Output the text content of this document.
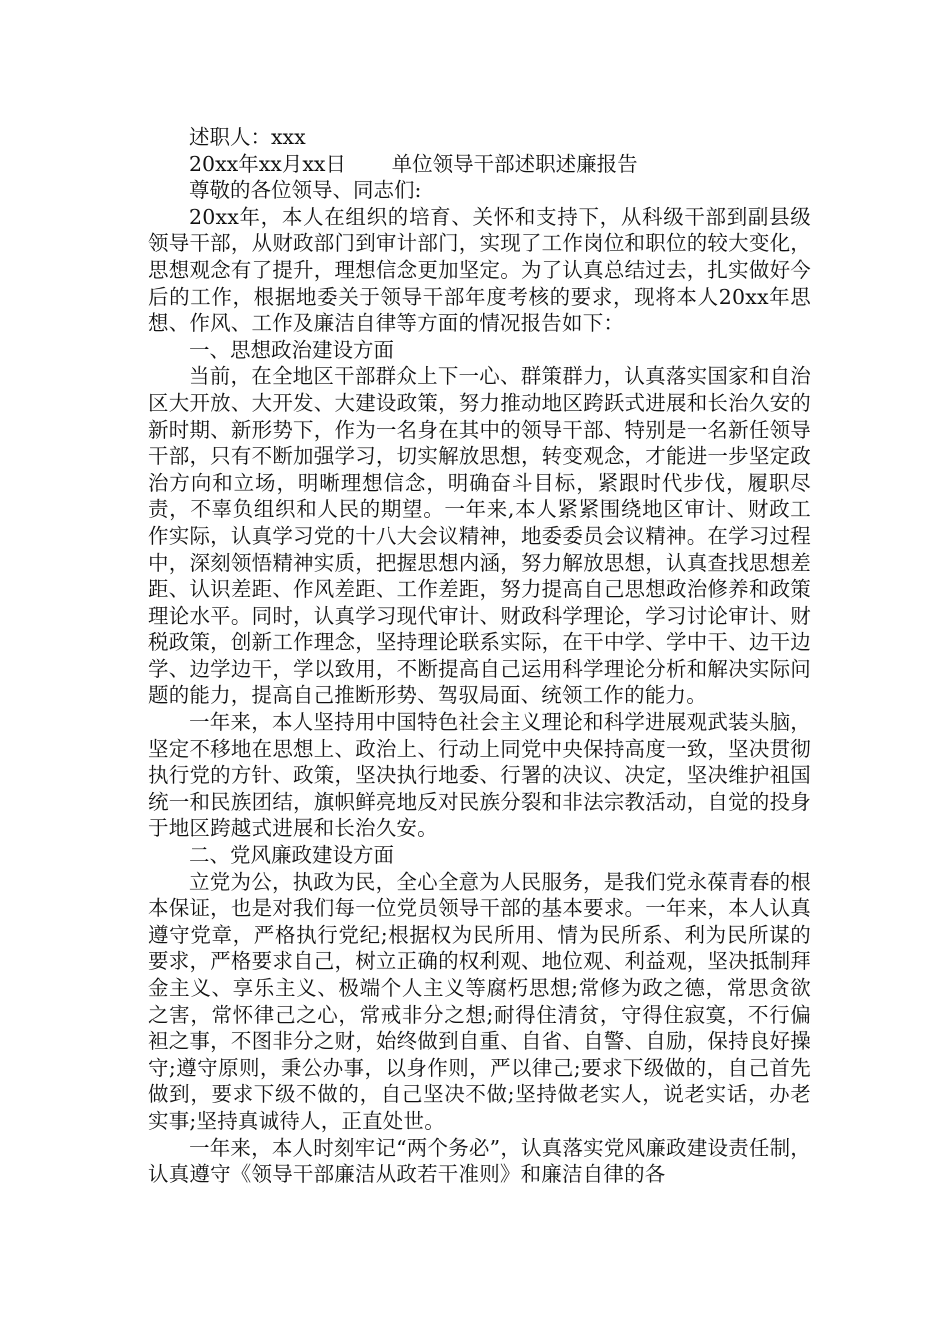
述职人：xxx

20xx年xx月xx日       单位领导干部述职述廉报告

尊敬的各位领导、同志们:

20xx年，本人在组织的培育、关怀和支持下，从科级干部到副县级领导干部，从财政部门到审计部门，实现了工作岗位和职位的较大变化，思想观念有了提升，理想信念更加坚定。为了认真总结过去，扎实做好今后的工作，根据地委关于领导干部年度考核的要求，现将本人20xx年思想、作风、工作及廉洁自律等方面的情况报告如下：

一、思想政治建设方面

当前，在全地区干部群众上下一心、群策群力，认真落实国家和自治区大开放、大开发、大建设政策，努力推动地区跨跃式进展和长治久安的新时期、新形势下，作为一名身在其中的领导干部、特别是一名新任领导干部，只有不断加强学习，切实解放思想，转变观念，才能进一步坚定政治方向和立场，明晰理想信念，明确奋斗目标，紧跟时代步伐，履职尽责，不辜负组织和人民的期望。一年来,本人紧紧围绕地区审计、财政工作实际，认真学习党的十八大会议精神，地委委员会议精神。在学习过程中，深刻领悟精神实质，把握思想内涵，努力解放思想，认真查找思想差距、认识差距、作风差距、工作差距，努力提高自己思想政治修养和政策理论水平。同时，认真学习现代审计、财政科学理论，学习讨论审计、财税政策，创新工作理念，坚持理论联系实际，在干中学、学中干、边干边学、边学边干，学以致用，不断提高自己运用科学理论分析和解决实际问题的能力，提高自己推断形势、驾驭局面、统领工作的能力。

一年来，本人坚持用中国特色社会主义理论和科学进展观武装头脑，坚定不移地在思想上、政治上、行动上同党中央保持高度一致，坚决贯彻执行党的方针、政策，坚决执行地委、行署的决议、决定，坚决维护祖国统一和民族团结，旗帜鲜亮地反对民族分裂和非法宗教活动，自觉的投身于地区跨越式进展和长治久安。

二、党风廉政建设方面

立党为公，执政为民，全心全意为人民服务，是我们党永葆青春的根本保证，也是对我们每一位党员领导干部的基本要求。一年来，本人认真遵守党章，严格执行党纪;根据权为民所用、情为民所系、利为民所谋的要求，严格要求自己，树立正确的权利观、地位观、利益观，坚决抵制拜金主义、享乐主义、极端个人主义等腐朽思想;常修为政之德，常思贪欲之害，常怀律己之心，常戒非分之想;耐得住清贫，守得住寂寞，不行偏袒之事，不图非分之财，始终做到自重、自省、自警、自励，保持良好操守;遵守原则，秉公办事，以身作则，严以律己;要求下级做的，自己首先做到，要求下级不做的，自己坚决不做;坚持做老实人，说老实话，办老实事;坚持真诚待人，正直处世。

一年来，本人时刻牢记“两个务必”，认真落实党风廉政建设责任制，认真遵守《领导干部廉洁从政若干准则》和廉洁自律的各
